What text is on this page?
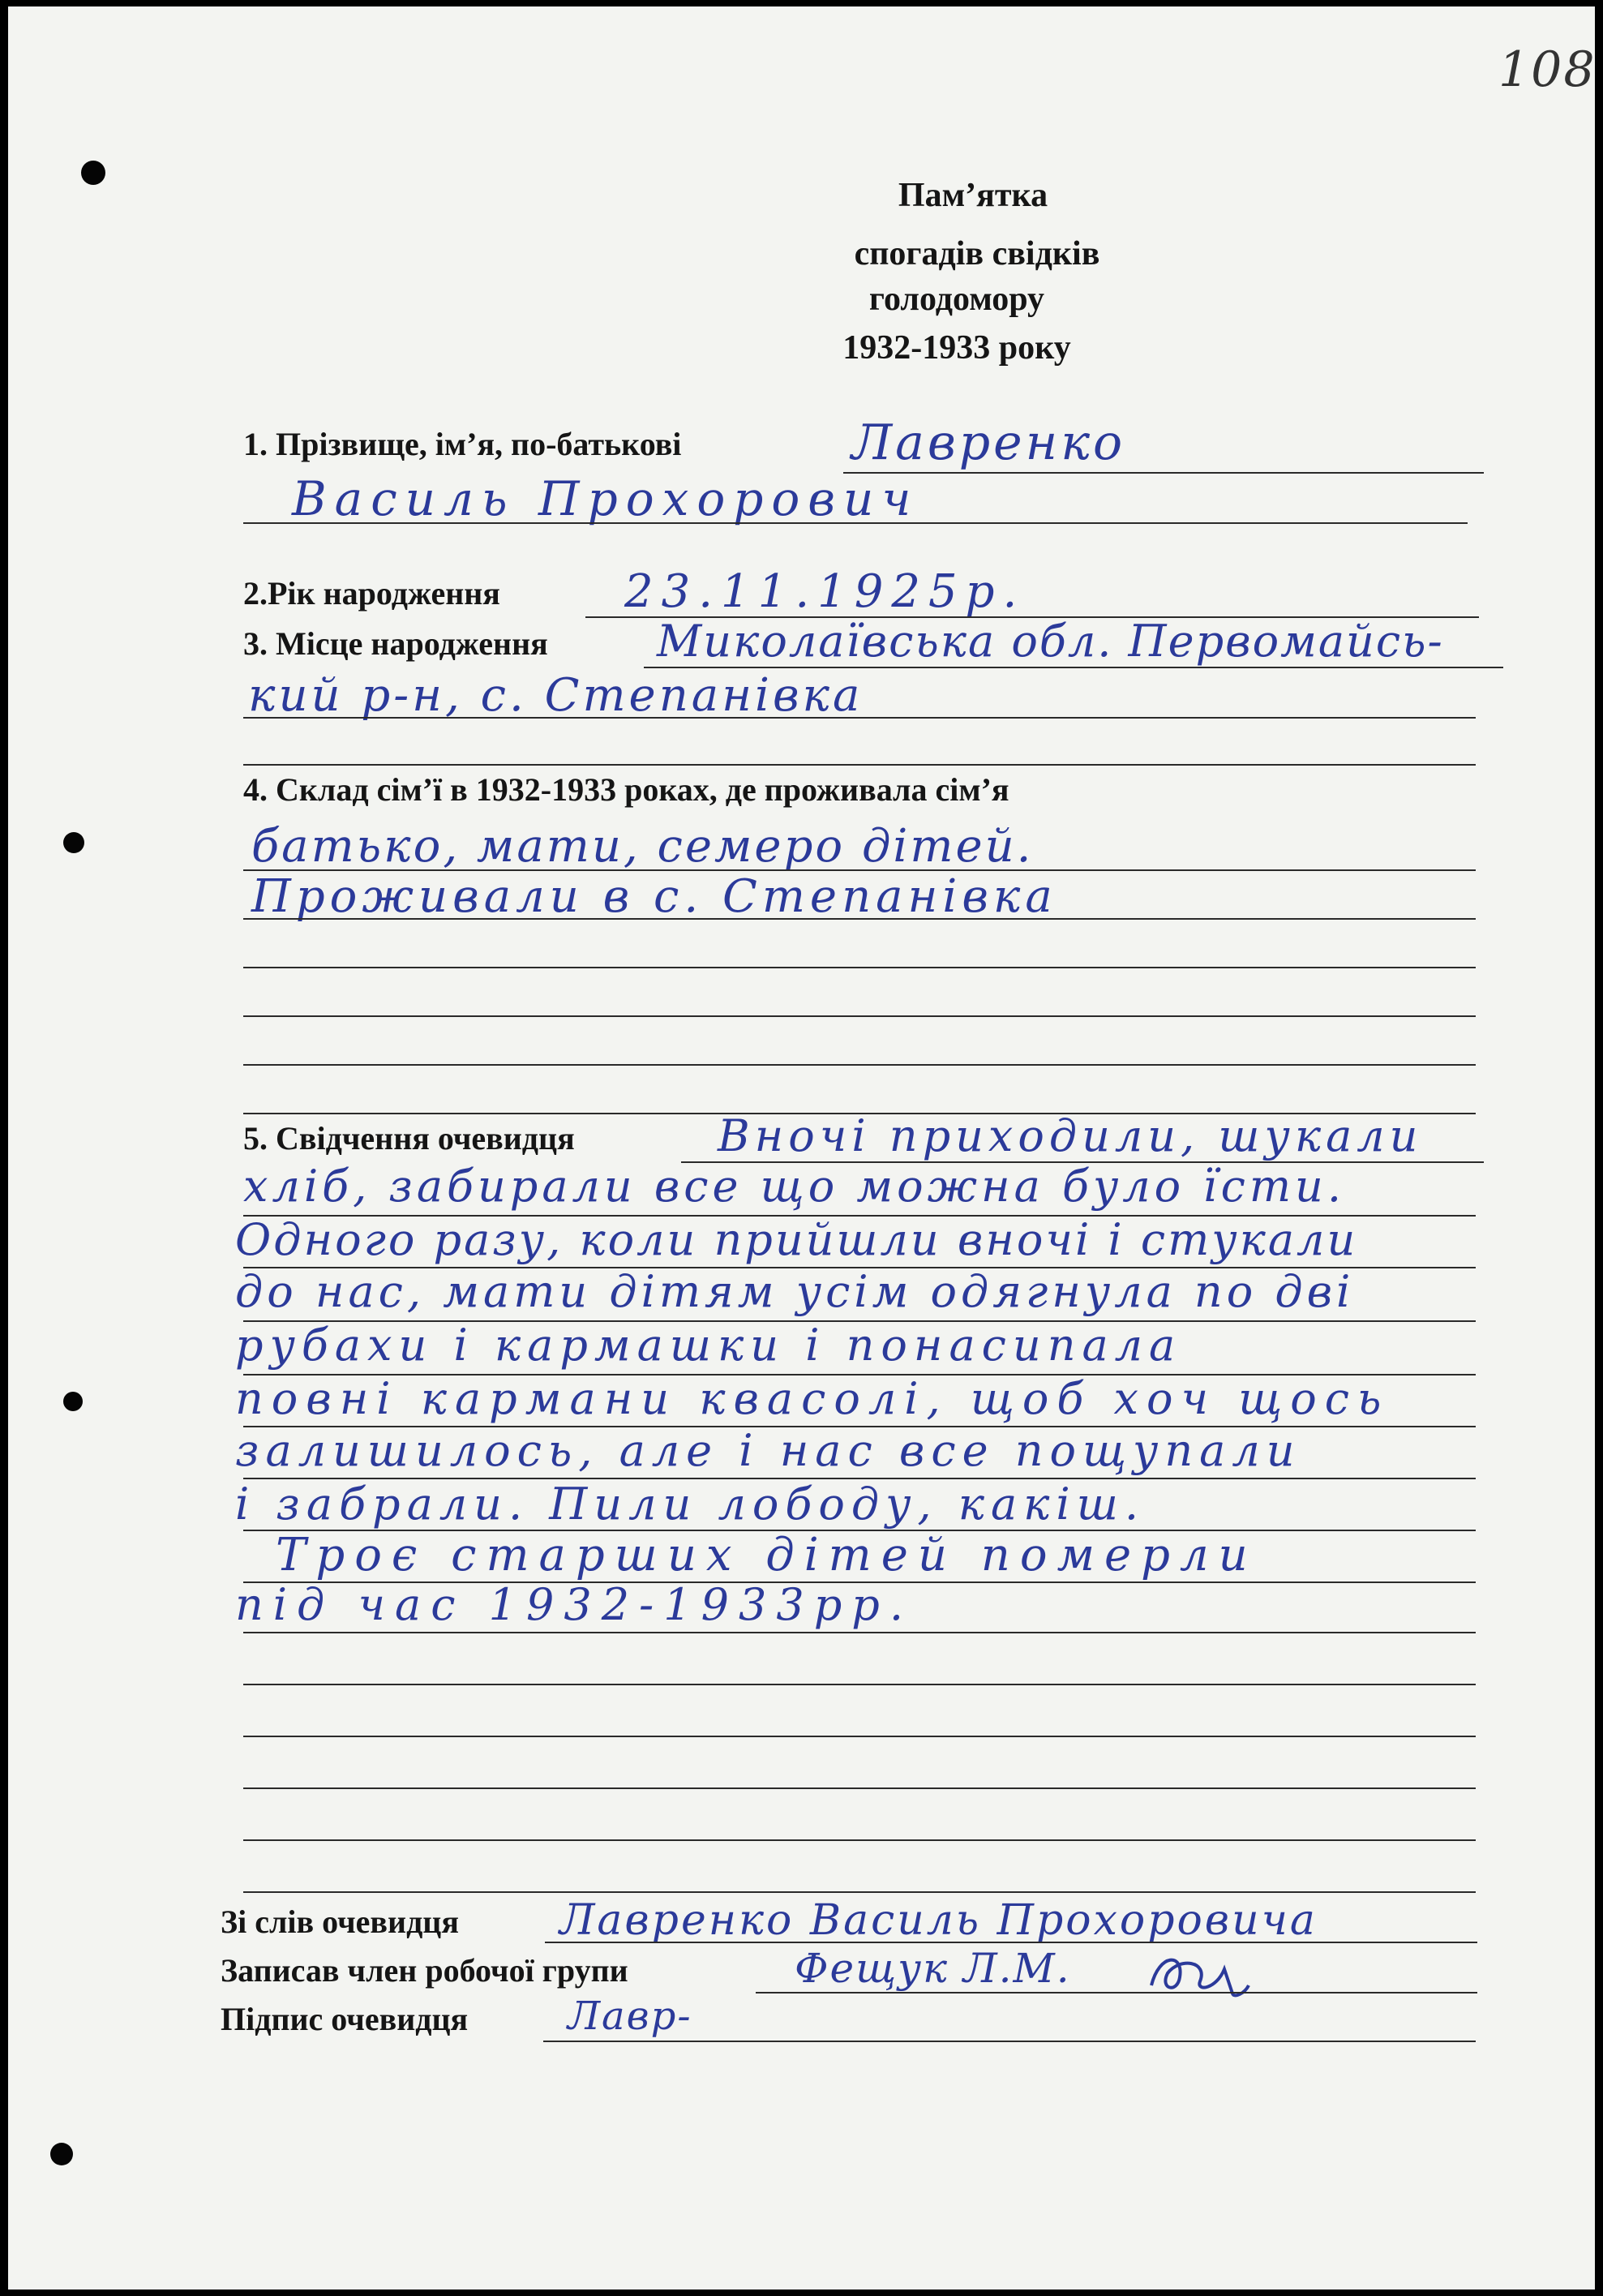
108
Пам’ятка
спогадів свідків
голодомору
1932-1933 року
1. Прізвище, ім’я, по-батькові	Лавренко
Василь Прохорович
2.Рік народження	23.11.1925р.
3. Місце народження Миколаївська обл. Первомайсь-
кий р-н, с. Степанівка
4. Склад сім’ї в 1932-1933 роках, де проживала сім’я
батько, мати, семеро дітей.
Проживали в с. Степанівка
5. Свідчення очевидця	Вночі приходили, шукали
хліб, забирали все що можна було їсти.
Одного разу, коли прийшли вночі і стукали
до нас, мати дітям усім одягнула по дві
рубахи і кармашки і понасипала
повні кармани квасолі, щоб хоч щось
залишилось, але і нас все пощупали
і забрали. Пили лободу, какіш.
Троє старших дітей померли
під час 1932-1933рр.
Зі слів очевидця Лавренко Василь Прохоровича
Записав член робочої групи	Фещук Л.М.
Підпис очевидця	Лавр-
